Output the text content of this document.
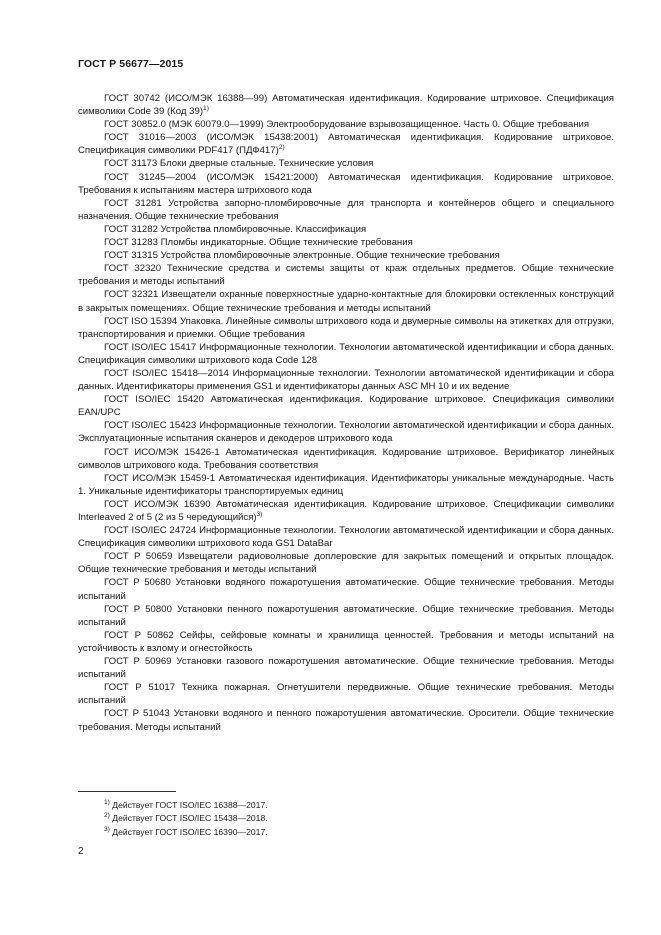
ГОСТ Р 56677—2015

ГОСТ 30742 (ИСО/МЭК 16388—99) Автоматическая идентификация. Кодирование штриховое. Спецификация символики Code 39 (Код 39)$^{1)}$

ГОСТ 30852.0 (МЭК 60079.0—1999) Электрооборудование взрывозащищенное. Часть 0. Общие требования

ГОСТ 31016—2003 (ИСО/МЭК 15438:2001) Автоматическая идентификация. Кодирование штриховое. Спецификация символики PDF417 $(ПДФ417)^{2)}$

ГОСТ 31173 Блоки дверные стальные. Технические условия

ГОСТ 31245—2004 (ИСО/МЭК 15421:2000) Автоматическая идентификация. Кодирование штриховое. Требования к испытаниям мастера штрихового кода

ГОСТ 31281 Устройства запорно-пломбировочные для транспорта и контейнеров общего и специального назначения. Общие технические требования

ГОСТ 31282 Устройства пломбировочные. Классификация

ГОСТ 31283 Пломбы индикаторные. Общие технические требования

ГОСТ 31315 Устройства пломбировочные электронные. Общие технические требования

ГОСТ 32320 Технические средства и системы защиты от краж отдельных предметов. Общие технические требования и методы испытаний

ГОСТ 32321 Извещатели охранные поверхностные ударно-контактные для блокировки остекленных конструкций в закрытых помещениях. Общие технические требования и методы испытаний

ГОСТ ISO 15394 Упаковка. Линейные символы штрихового кода и двумерные символы на этикетках для отгрузки, транспортирования и приемки. Общие требования

ГОСТ ISO/IEC 15417 Информационные технологии. Технологии автоматической идентификации и сбора данных. Спецификация символики штрихового кода Code 128

ГОСТ ISO/IEC 15418—2014 Информационные технологии. Технологии автоматической идентификации и сбора данных. Идентификаторы применения GS1 и идентификаторы данных ASC MH 10 и их ведение

ГОСТ ISO/IEC 15420 Автоматическая идентификация. Кодирование штриховое. Спецификация символики EAN/UPC

ГОСТ ISO/IEC 15423 Информационные технологии. Технологии автоматической идентификации и сбора данных. Эксплуатационные испытания сканеров и декодеров штрихового кода

ГОСТ ИСО/МЭК 15426-1 Автоматическая идентификация. Кодирование штриховое. Верификатор линейных символов штрихового кода. Требования соответствия

ГОСТ ИСО/МЭК 15459-1 Автоматическая идентификация. Идентификаторы уникальные международные. Часть 1. Уникальные идентификаторы транспортируемых единиц

ГОСТ ИСО/МЭК 16390 Автоматическая идентификация. Кодирование штриховое. Спецификации символики Interleaved 2 of 5 (2 из 5 чередующийся)$^{3)}$

ГОСТ ISO/IEC 24724 Информационные технологии. Технологии автоматической идентификации и сбора данных. Спецификация символики штрихового кода GS1 DataBar

ГОСТ Р 50659 Извещатели радиоволновые доплеровские для закрытых помещений и открытых площадок. Общие технические требования и методы испытаний

ГОСТ Р 50680 Установки водяного пожаротушения автоматические. Общие технические требования. Методы испытаний

ГОСТ Р 50800 Установки пенного пожаротушения автоматические. Общие технические требования. Методы испытаний

ГОСТ Р 50862 Сейфы, сейфовые комнаты и хранилища ценностей. Требования и методы испытаний на устойчивость к взлому и огнестойкость

ГОСТ Р 50969 Установки газового пожаротушения автоматические. Общие технические требования. Методы испытаний

ГОСТ Р 51017 Техника пожарная. Огнетушители передвижные. Общие технические требования. Методы испытаний

ГОСТ Р 51043 Установки водяного и пенного пожаротушения автоматические. Оросители. Общие технические требования. Методы испытаний

$^{1)}$ Действует ГОСТ ISO/IEC 16388—2017.

$^{2)}$ Действует ГОСТ ISO/IEC 15438—2018.

$^{3)}$ Действует ГОСТ ISO/IEC 16390—2017.

2
